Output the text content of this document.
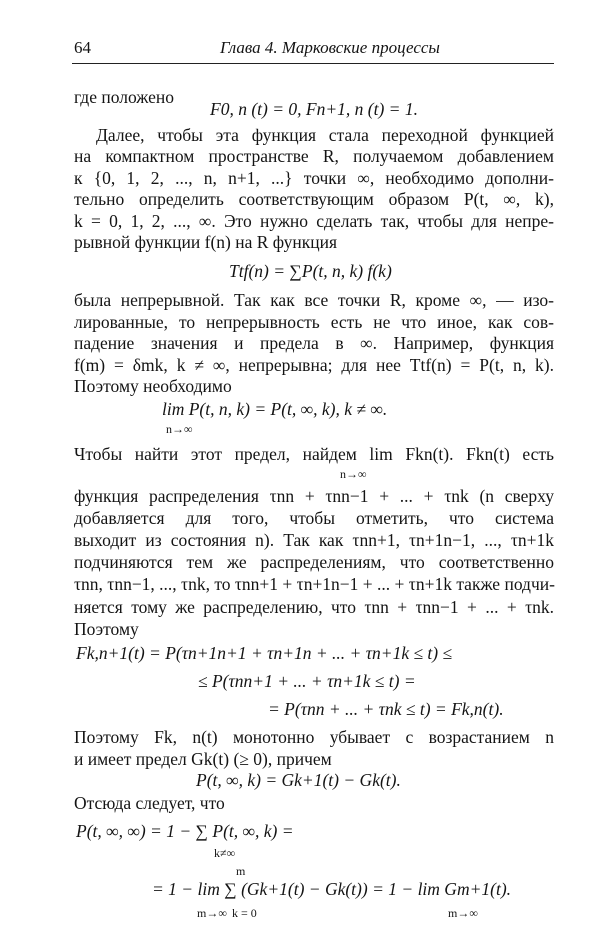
64	Глава 4. Марковские процессы
где положено
F0, n (t) = 0, Fn+1, n (t) = 1.
Далее, чтобы эта функция стала переходной функцией
на компактном пространстве R, получаемом добавлением
к {0, 1, 2, ..., n, n+1, ...} точки ∞, необходимо дополни-
тельно определить соответствующим образом P(t, ∞, k),
k = 0, 1, 2, ..., ∞. Это нужно сделать так, чтобы для непре-
рывной функции f(n) на R функция
Ttf(n) = ∑P(t, n, k) f(k)
была непрерывной. Так как все точки R, кроме ∞, — изо-
лированные, то непрерывность есть не что иное, как сов-
падение значения и предела в ∞. Например, функция
f(m) = δmk, k ≠ ∞, непрерывна; для нее Ttf(n) = P(t, n, k).
Поэтому необходимо
lim P(t, n, k) = P(t, ∞, k), k ≠ ∞.
n→∞
Чтобы найти этот предел, найдем lim Fkn(t). Fkn(t) есть
n→∞
функция распределения τnn + τnn−1 + ... + τnk (n сверху
добавляется для того, чтобы отметить, что система
выходит из состояния n). Так как τnn+1, τn+1n−1, ..., τn+1k
подчиняются тем же распределениям, что соответственно
τnn, τnn−1, ..., τnk, то τnn+1 + τn+1n−1 + ... + τn+1k также подчи-
няется тому же распределению, что τnn + τnn−1 + ... + τnk.
Поэтому
Fk,n+1(t) = P(τn+1n+1 + τn+1n + ... + τn+1k ≤ t) ≤
≤ P(τnn+1 + ... + τn+1k ≤ t) =
= P(τnn + ... + τnk ≤ t) = Fk,n(t).
Поэтому Fk, n(t) монотонно убывает с возрастанием n
и имеет предел Gk(t) (≥ 0), причем
P(t, ∞, k) = Gk+1(t) − Gk(t).
Отсюда следует, что
P(t, ∞, ∞) = 1 − ∑ P(t, ∞, k) =
k≠∞
m
= 1 − lim ∑ (Gk+1(t) − Gk(t)) = 1 − lim Gm+1(t).
m→∞ k = 0	m→∞
